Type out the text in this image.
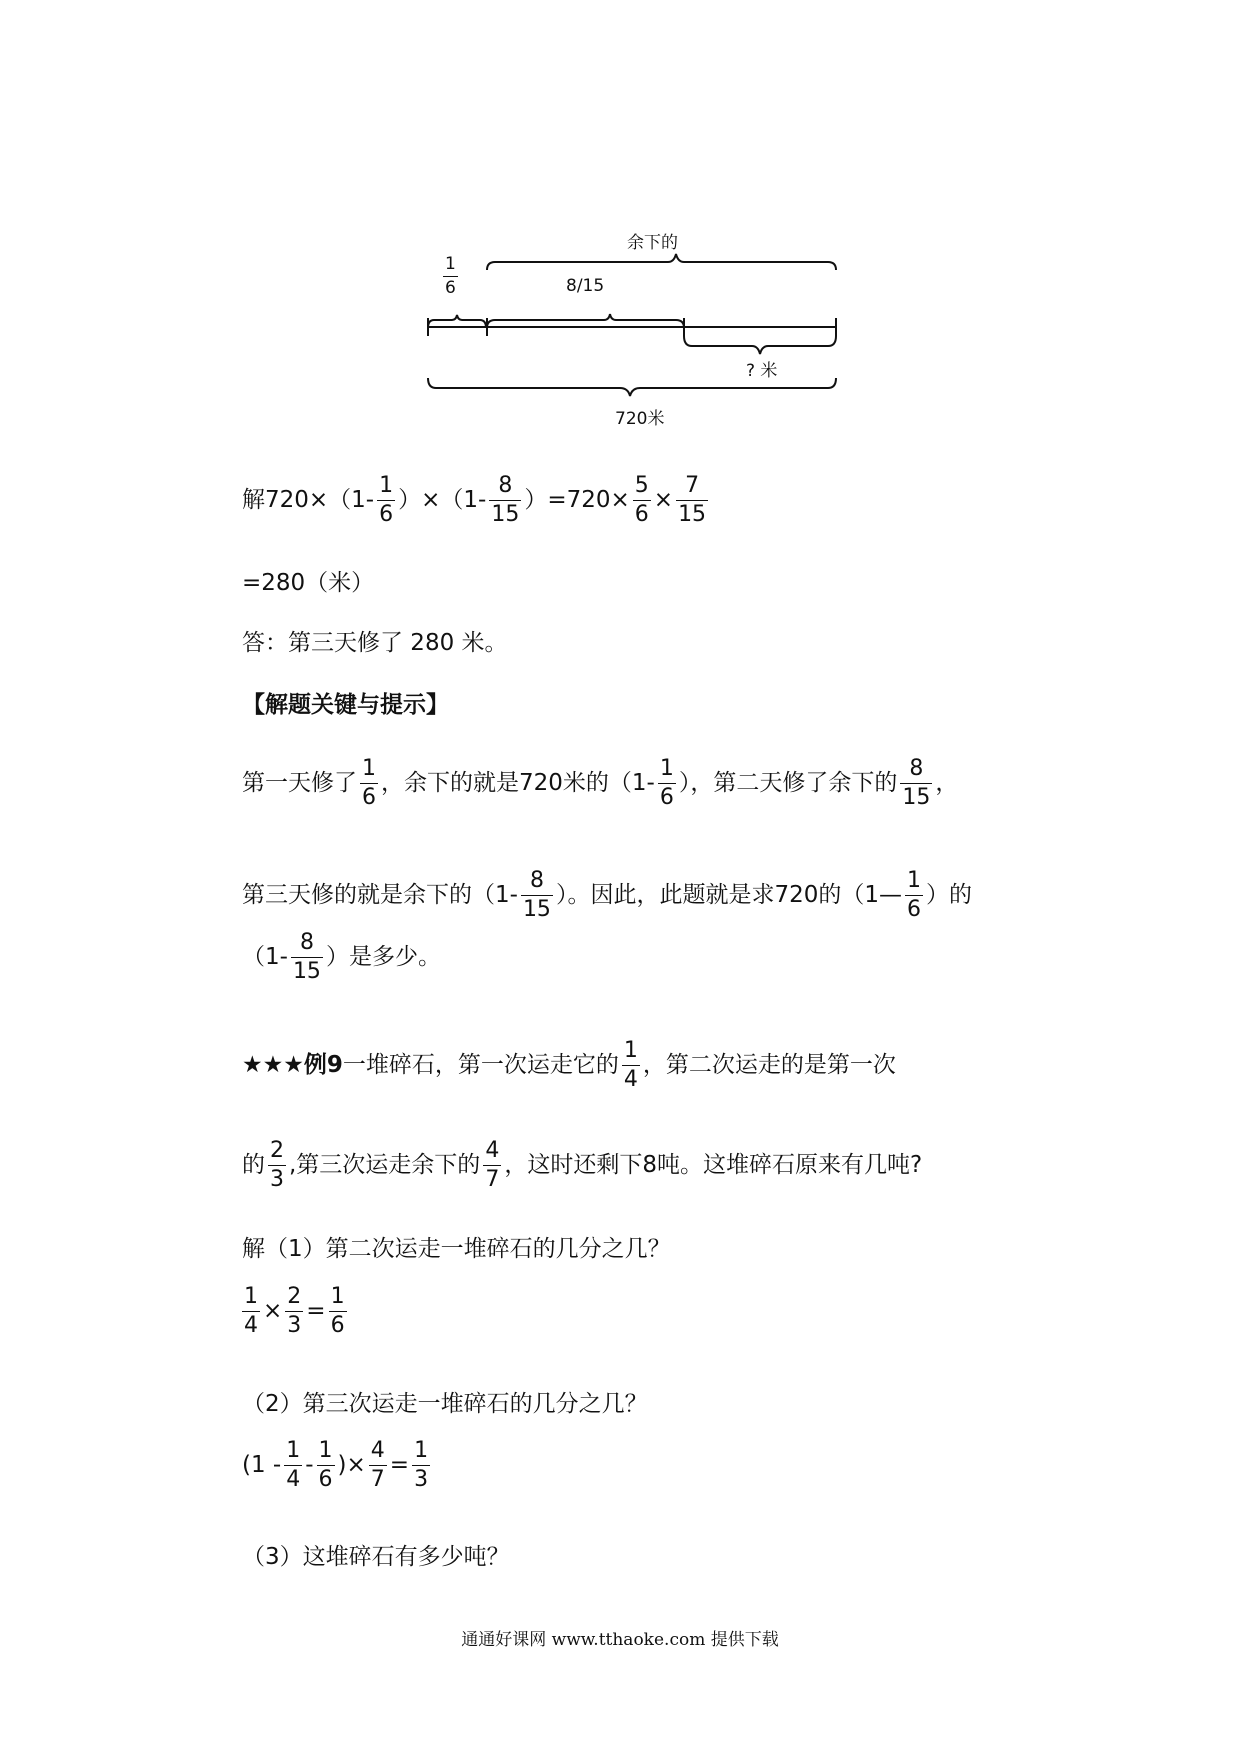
余下的
1
6	8/15
? 米
720米
解$720\times(1- \frac{1}{6} )\times(1- \frac{8}{15} )=720\times \frac{5}{6} \times \frac{7}{15}$
=280（米）
答：第三天修了 280 米。
【解题关键与提示】
第一天修了 $\frac{1}{6}$ ，余下的就是720米的（$1- \frac{1}{6}$ ），第二天修了余下的 $\frac{8}{15}$ ，
第三天修的就是余下的（$1- \frac{8}{15}$ ）。因此，此题就是求720的（1— $\frac{1}{6}$ ）的
（$1- \frac{8}{15}$ ）是多少。
★★★例9 一堆碎石，第一次运走它的 $\frac{1}{4}$ ，第二次运走的是第一次
的 $\frac{2}{3}$ ,第三次运走余下的 $\frac{4}{7}$ ，这时还剩下8吨。这堆碎石原来有几吨?
解（1）第二次运走一堆碎石的几分之几？
$\frac{1}{4} \times \frac{2}{3} = \frac{1}{6}$
（2）第三次运走一堆碎石的几分之几？
($1 - \frac{1}{4} - \frac{1}{6}$ )× $\frac{4}{7} = \frac{1}{3}$
（3）这堆碎石有多少吨？
通通好课网 www.tthaoke.com 提供下载
